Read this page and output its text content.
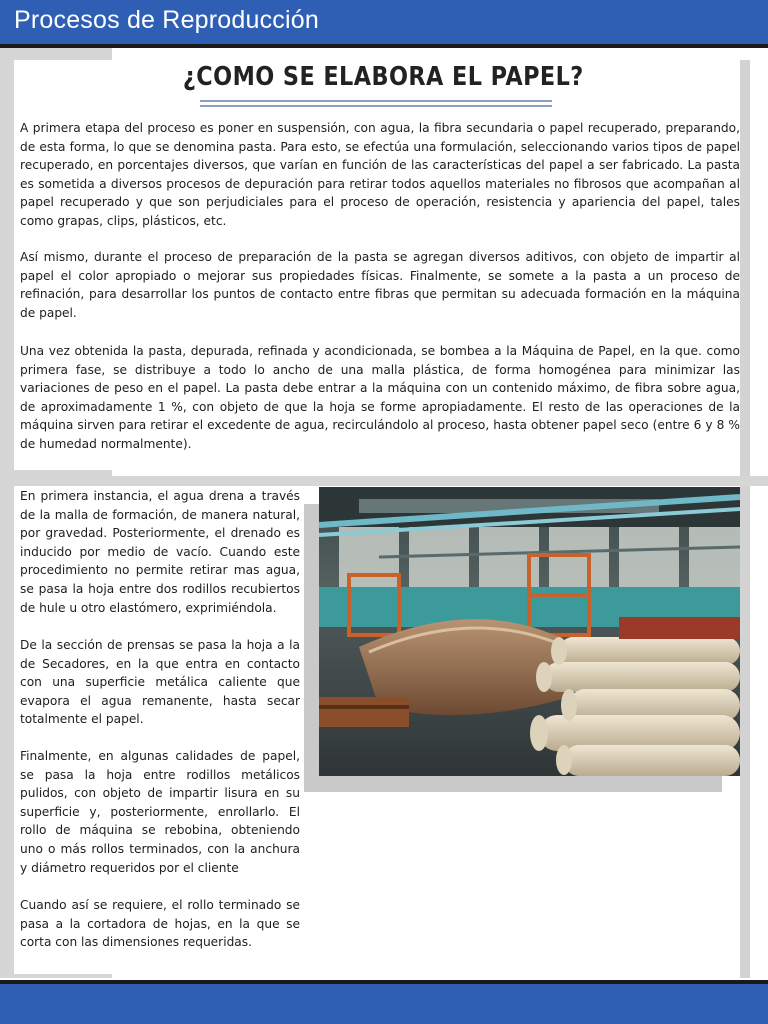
Procesos de Reproducción
¿COMO SE ELABORA EL PAPEL?
A primera etapa del proceso es poner en suspensión, con agua, la fibra secundaria o papel recuperado, preparando, de esta forma, lo que se denomina pasta. Para esto, se efectúa una formulación, seleccionando varios tipos de papel recuperado, en porcentajes diversos, que varían en función de las características del papel a ser fabricado. La pasta es sometida a diversos procesos de depuración para retirar todos aquellos materiales no fibrosos que acompañan al papel recuperado y que son perjudiciales para el proceso de operación, resistencia y apariencia del papel, tales como grapas, clips, plásticos, etc.
Así mismo, durante el proceso de preparación de la pasta se agregan diversos aditivos, con objeto de impartir al papel el color apropiado o mejorar sus propiedades físicas. Finalmente, se somete a la pasta a un proceso de refinación, para desarrollar los puntos de contacto entre fibras que permitan su adecuada formación en la máquina de papel.
Una vez obtenida la pasta, depurada, refinada y acondicionada, se bombea a la Máquina de Papel, en la que. como primera fase, se distribuye a todo lo ancho de una malla plástica, de forma homogénea para minimizar las variaciones de peso en el papel. La pasta debe entrar a la máquina con un contenido máximo, de fibra sobre agua, de aproximadamente 1 %, con objeto de que la hoja se forme apropiadamente. El resto de las operaciones de la máquina sirven para retirar el excedente de agua, recirculándolo al proceso, hasta obtener papel seco (entre 6 y 8 % de humedad normalmente).
En primera instancia, el agua drena a través de la malla de formación, de manera natural, por gravedad. Posteriormente, el drenado es inducido por medio de vacío. Cuando este procedimiento no permite retirar mas agua, se pasa la hoja entre dos rodillos recubiertos de hule u otro elastómero, exprimiéndola.
De la sección de prensas se pasa la hoja a la de Secadores, en la que entra en contacto con una superficie metálica caliente que evapora el agua remanente, hasta secar totalmente el papel.
Finalmente, en algunas calidades de papel, se pasa la hoja entre rodillos metálicos pulidos, con objeto de impartir lisura en su superficie y, posteriormente, enrollarlo. El rollo de máquina se rebobina, obteniendo uno o más rollos terminados, con la anchura y diámetro requeridos por el cliente
Cuando así se requiere, el rollo terminado se pasa a la cortadora de hojas, en la que se corta con las dimensiones requeridas.
